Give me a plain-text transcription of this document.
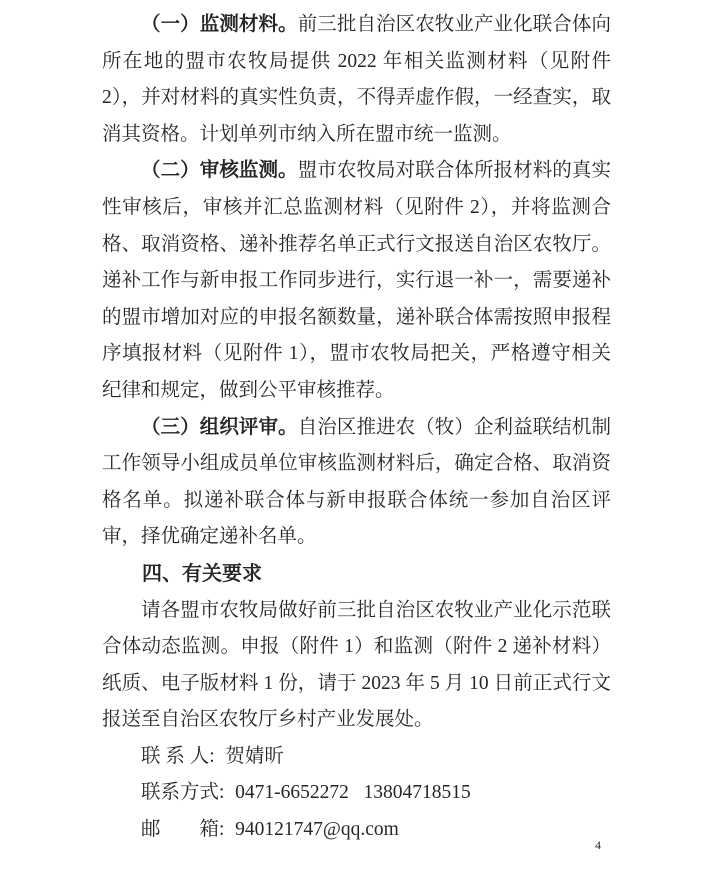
（一）监测材料。前三批自治区农牧业产业化联合体向所在地的盟市农牧局提供 2022 年相关监测材料（见附件 2），并对材料的真实性负责，不得弄虚作假，一经查实，取消其资格。计划单列市纳入所在盟市统一监测。

（二）审核监测。盟市农牧局对联合体所报材料的真实性审核后，审核并汇总监测材料（见附件 2），并将监测合格、取消资格、递补推荐名单正式行文报送自治区农牧厅。递补工作与新申报工作同步进行，实行退一补一，需要递补的盟市增加对应的申报名额数量，递补联合体需按照申报程序填报材料（见附件 1），盟市农牧局把关，严格遵守相关纪律和规定，做到公平审核推荐。

（三）组织评审。自治区推进农（牧）企利益联结机制工作领导小组成员单位审核监测材料后，确定合格、取消资格名单。拟递补联合体与新申报联合体统一参加自治区评审，择优确定递补名单。

四、有关要求

请各盟市农牧局做好前三批自治区农牧业产业化示范联合体动态监测。申报（附件 1）和监测（附件 2 递补材料）纸质、电子版材料 1 份，请于 2023 年 5 月 10 日前正式行文报送至自治区农牧厅乡村产业发展处。

联 系 人: 贺婧昕
联系方式: 0471-6652272   13804718515
邮　　箱: 940121747@qq.com
4
